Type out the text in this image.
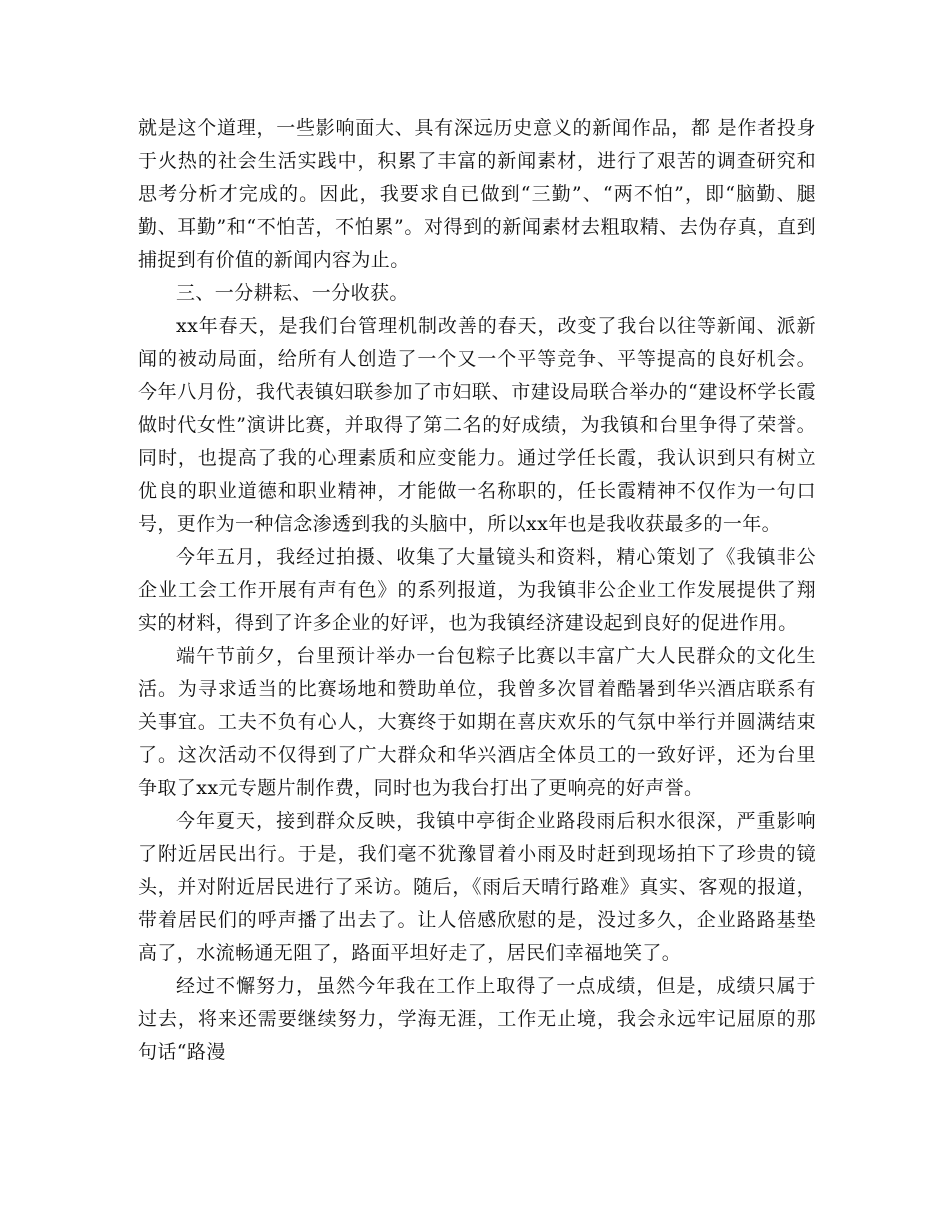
就是这个道理，一些影响面大、具有深远历史意义的新闻作品，都 是作者投身于火热的社会生活实践中，积累了丰富的新闻素材，进行了艰苦的调查研究和思考分析才完成的。因此，我要求自已做到“三勤”、“两不怕”，即“脑勤、腿勤、耳勤”和“不怕苦，不怕累”。对得到的新闻素材去粗取精、去伪存真，直到捕捉到有价值的新闻内容为止。

三、一分耕耘、一分收获。

xx年春天，是我们台管理机制改善的春天，改变了我台以往等新闻、派新闻的被动局面，给所有人创造了一个又一个平等竞争、平等提高的良好机会。今年八月份，我代表镇妇联参加了市妇联、市建设局联合举办的“建设杯学长霞做时代女性”演讲比赛，并取得了第二名的好成绩，为我镇和台里争得了荣誉。同时，也提高了我的心理素质和应变能力。通过学任长霞，我认识到只有树立优良的职业道德和职业精神，才能做一名称职的，任长霞精神不仅作为一句口号，更作为一种信念渗透到我的头脑中，所以xx年也是我收获最多的一年。

今年五月，我经过拍摄、收集了大量镜头和资料，精心策划了《我镇非公企业工会工作开展有声有色》的系列报道，为我镇非公企业工作发展提供了翔实的材料，得到了许多企业的好评，也为我镇经济建设起到良好的促进作用。

端午节前夕，台里预计举办一台包粽子比赛以丰富广大人民群众的文化生活。为寻求适当的比赛场地和赞助单位，我曾多次冒着酷暑到华兴酒店联系有关事宜。工夫不负有心人，大赛终于如期在喜庆欢乐的气氛中举行并圆满结束了。这次活动不仅得到了广大群众和华兴酒店全体员工的一致好评，还为台里争取了xx元专题片制作费，同时也为我台打出了更响亮的好声誉。

今年夏天，接到群众反映，我镇中亭街企业路段雨后积水很深，严重影响了附近居民出行。于是，我们毫不犹豫冒着小雨及时赶到现场拍下了珍贵的镜头，并对附近居民进行了采访。随后，《雨后天晴行路难》真实、客观的报道，带着居民们的呼声播了出去了。让人倍感欣慰的是，没过多久，企业路路基垫高了，水流畅通无阻了，路面平坦好走了，居民们幸福地笑了。

经过不懈努力，虽然今年我在工作上取得了一点成绩，但是，成绩只属于过去，将来还需要继续努力，学海无涯，工作无止境，我会永远牢记屈原的那句话“路漫
